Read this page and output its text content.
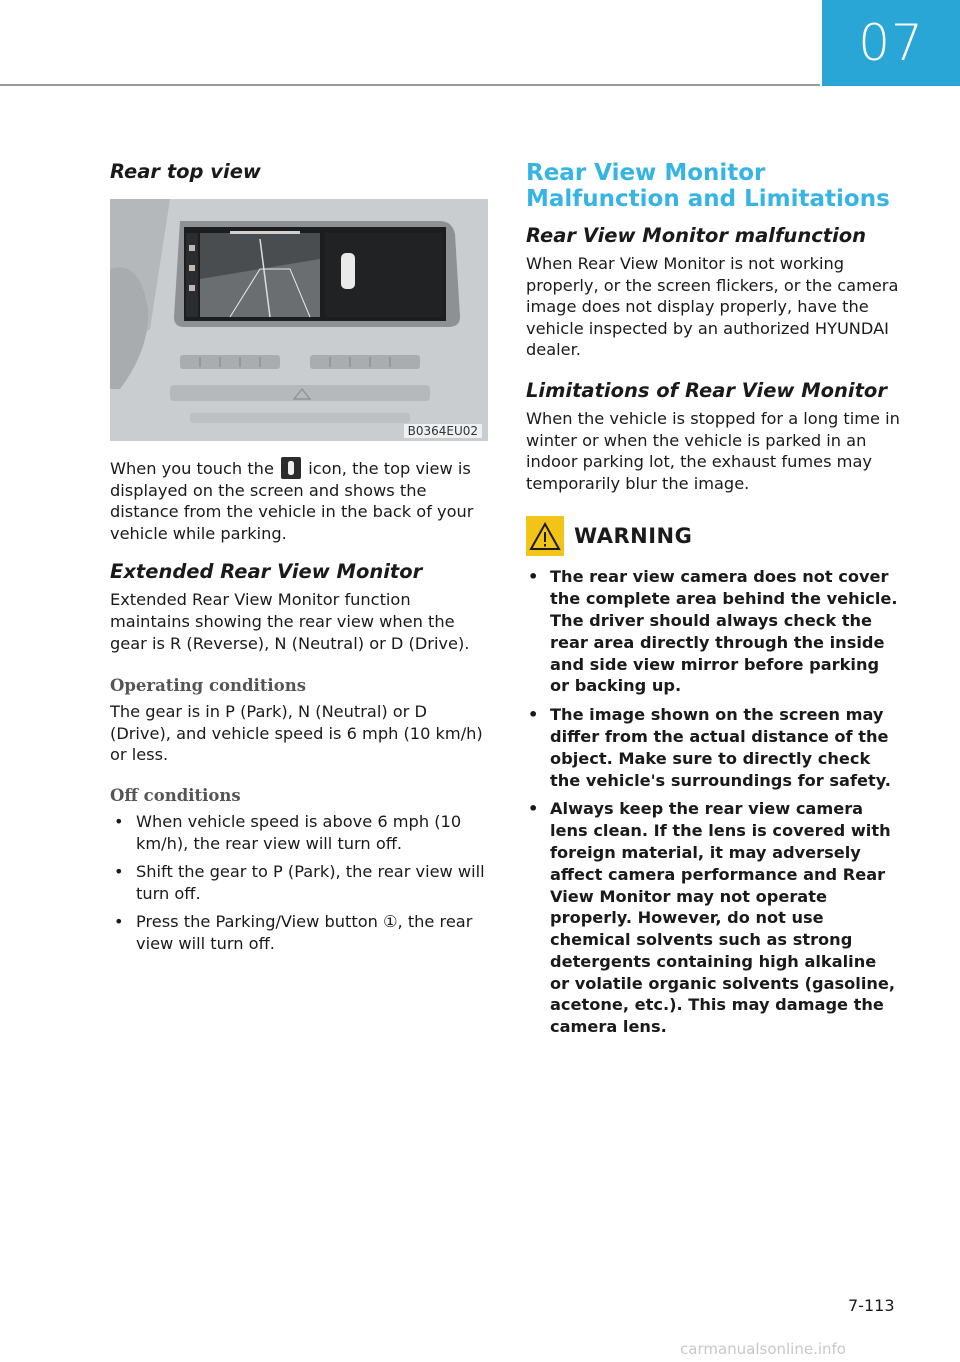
07
Rear top view
B0364EU02

When you touch the icon, the top view is displayed on the screen and shows the distance from the vehicle in the back of your vehicle while parking.

Extended Rear View Monitor

Extended Rear View Monitor function maintains showing the rear view when the gear is R (Reverse), N (Neutral) or D (Drive).

Operating conditions

The gear is in P (Park), N (Neutral) or D (Drive), and vehicle speed is 6 mph (10 km/h) or less.

Off conditions
• When vehicle speed is above 6 mph (10 km/h), the rear view will turn off.
• Shift the gear to P (Park), the rear view will turn off.
• Press the Parking/View button ①, the rear view will turn off.
Rear View Monitor Malfunction and Limitations
Rear View Monitor malfunction

When Rear View Monitor is not working properly, or the screen flickers, or the camera image does not display properly, have the vehicle inspected by an authorized HYUNDAI dealer.

Limitations of Rear View Monitor

When the vehicle is stopped for a long time in winter or when the vehicle is parked in an indoor parking lot, the exhaust fumes may temporarily blur the image.

WARNING
• The rear view camera does not cover the complete area behind the vehicle. The driver should always check the rear area directly through the inside and side view mirror before parking or backing up.
• The image shown on the screen may differ from the actual distance of the object. Make sure to directly check the vehicle's surroundings for safety.
• Always keep the rear view camera lens clean. If the lens is covered with foreign material, it may adversely affect camera performance and Rear View Monitor may not operate properly. However, do not use chemical solvents such as strong detergents containing high alkaline or volatile organic solvents (gasoline, acetone, etc.). This may damage the camera lens.
7-113
carmanualsonline.info
